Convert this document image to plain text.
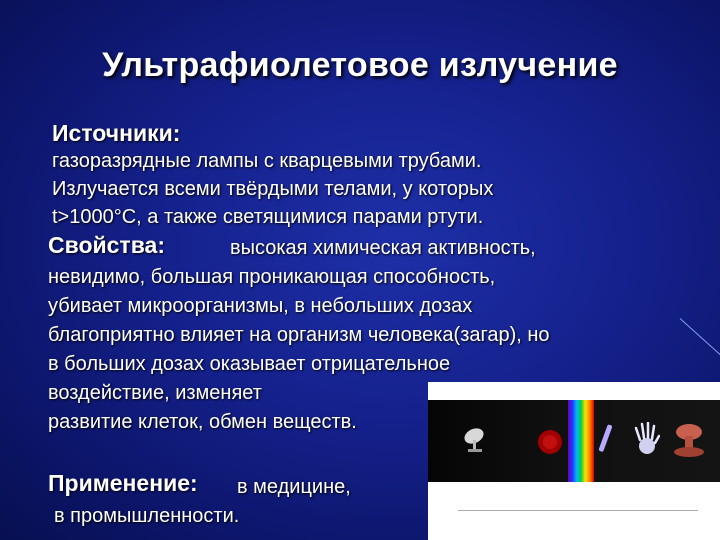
Ультрафиолетовое излучение
Источники:
газоразрядные лампы с кварцевыми трубами.
Излучается всеми твёрдыми телами, у которых
t>1000°С, а также светящимися парами ртути.
Свойства:	высокая химическая активность,
невидимо, большая проникающая способность,
убивает микроорганизмы, в небольших дозах
благоприятно влияет на организм человека(загар), но
в больших дозах оказывает отрицательное
воздействие, изменяет
развитие клеток, обмен веществ.
Применение: в медицине,
в промышленности.
